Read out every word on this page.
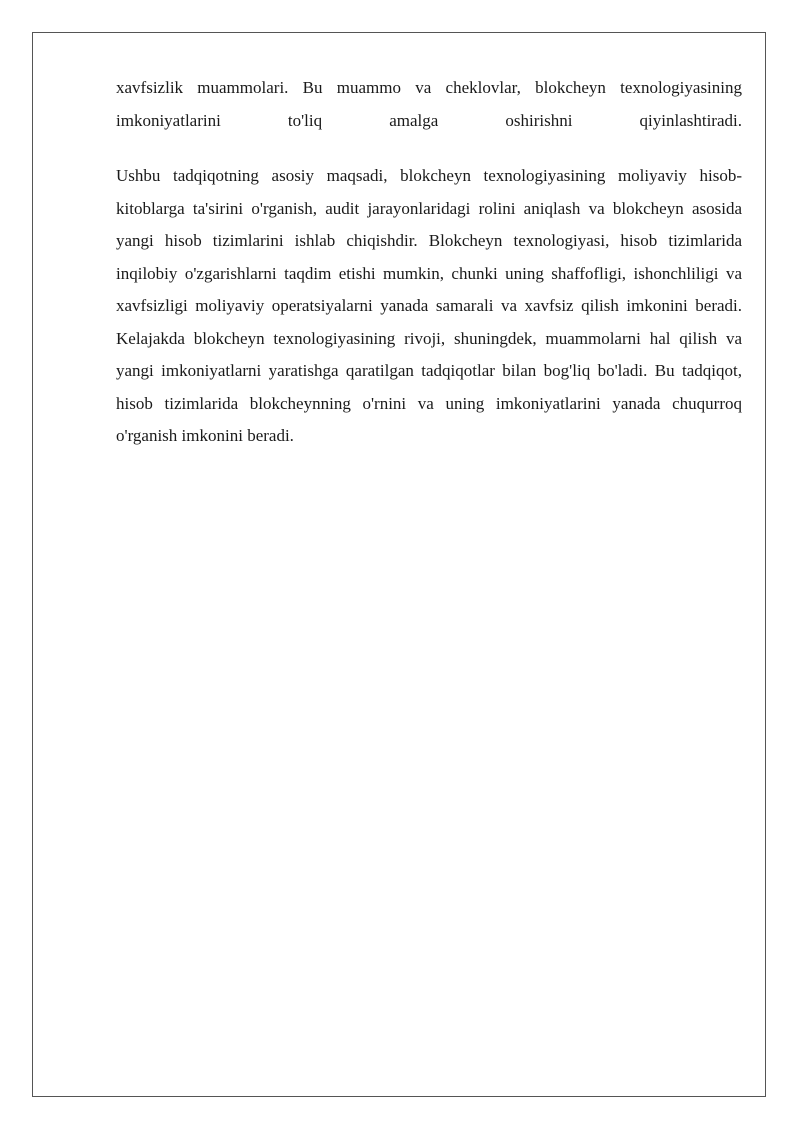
xavfsizlik muammolari. Bu muammo va cheklovlar, blokcheyn texnologiyasining imkoniyatlarini to'liq amalga oshirishni qiyinlashtiradi.

Ushbu tadqiqotning asosiy maqsadi, blokcheyn texnologiyasining moliyaviy hisob-kitoblarga ta'sirini o'rganish, audit jarayonlaridagi rolini aniqlash va blokcheyn asosida yangi hisob tizimlarini ishlab chiqishdir. Blokcheyn texnologiyasi, hisob tizimlarida inqilobiy o'zgarishlarni taqdim etishi mumkin, chunki uning shaffofligi, ishonchliligi va xavfsizligi moliyaviy operatsiyalarni yanada samarali va xavfsiz qilish imkonini beradi. Kelajakda blokcheyn texnologiyasining rivoji, shuningdek, muammolarni hal qilish va yangi imkoniyatlarni yaratishga qaratilgan tadqiqotlar bilan bog'liq bo'ladi. Bu tadqiqot, hisob tizimlarida blokcheynning o'rnini va uning imkoniyatlarini yanada chuqurroq o'rganish imkonini beradi.
